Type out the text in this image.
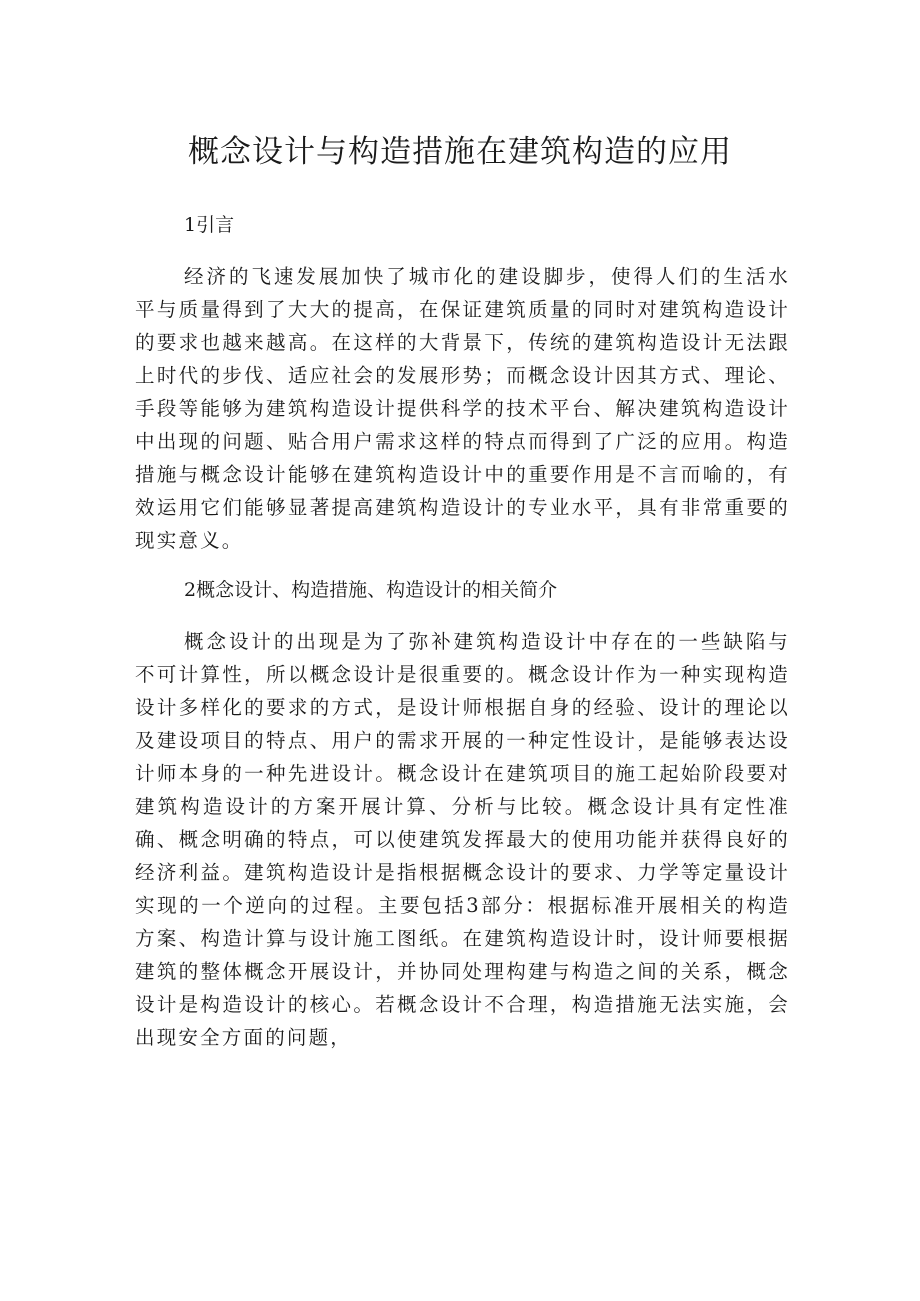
概念设计与构造措施在建筑构造的应用
1引言

经济的飞速发展加快了城市化的建设脚步，使得人们的生活水平与质量得到了大大的提高，在保证建筑质量的同时对建筑构造设计的要求也越来越高。在这样的大背景下，传统的建筑构造设计无法跟上时代的步伐、适应社会的发展形势；而概念设计因其方式、理论、手段等能够为建筑构造设计提供科学的技术平台、解决建筑构造设计中出现的问题、贴合用户需求这样的特点而得到了广泛的应用。构造措施与概念设计能够在建筑构造设计中的重要作用是不言而喻的，有效运用它们能够显著提高建筑构造设计的专业水平，具有非常重要的现实意义。

2概念设计、构造措施、构造设计的相关简介

概念设计的出现是为了弥补建筑构造设计中存在的一些缺陷与不可计算性，所以概念设计是很重要的。概念设计作为一种实现构造设计多样化的要求的方式，是设计师根据自身的经验、设计的理论以及建设项目的特点、用户的需求开展的一种定性设计，是能够表达设计师本身的一种先进设计。概念设计在建筑项目的施工起始阶段要对建筑构造设计的方案开展计算、分析与比较。概念设计具有定性准确、概念明确的特点，可以使建筑发挥最大的使用功能并获得良好的经济利益。建筑构造设计是指根据概念设计的要求、力学等定量设计实现的一个逆向的过程。主要包括3部分：根据标准开展相关的构造方案、构造计算与设计施工图纸。在建筑构造设计时，设计师要根据建筑的整体概念开展设计，并协同处理构建与构造之间的关系，概念设计是构造设计的核心。若概念设计不合理，构造措施无法实施，会出现安全方面的问题，
